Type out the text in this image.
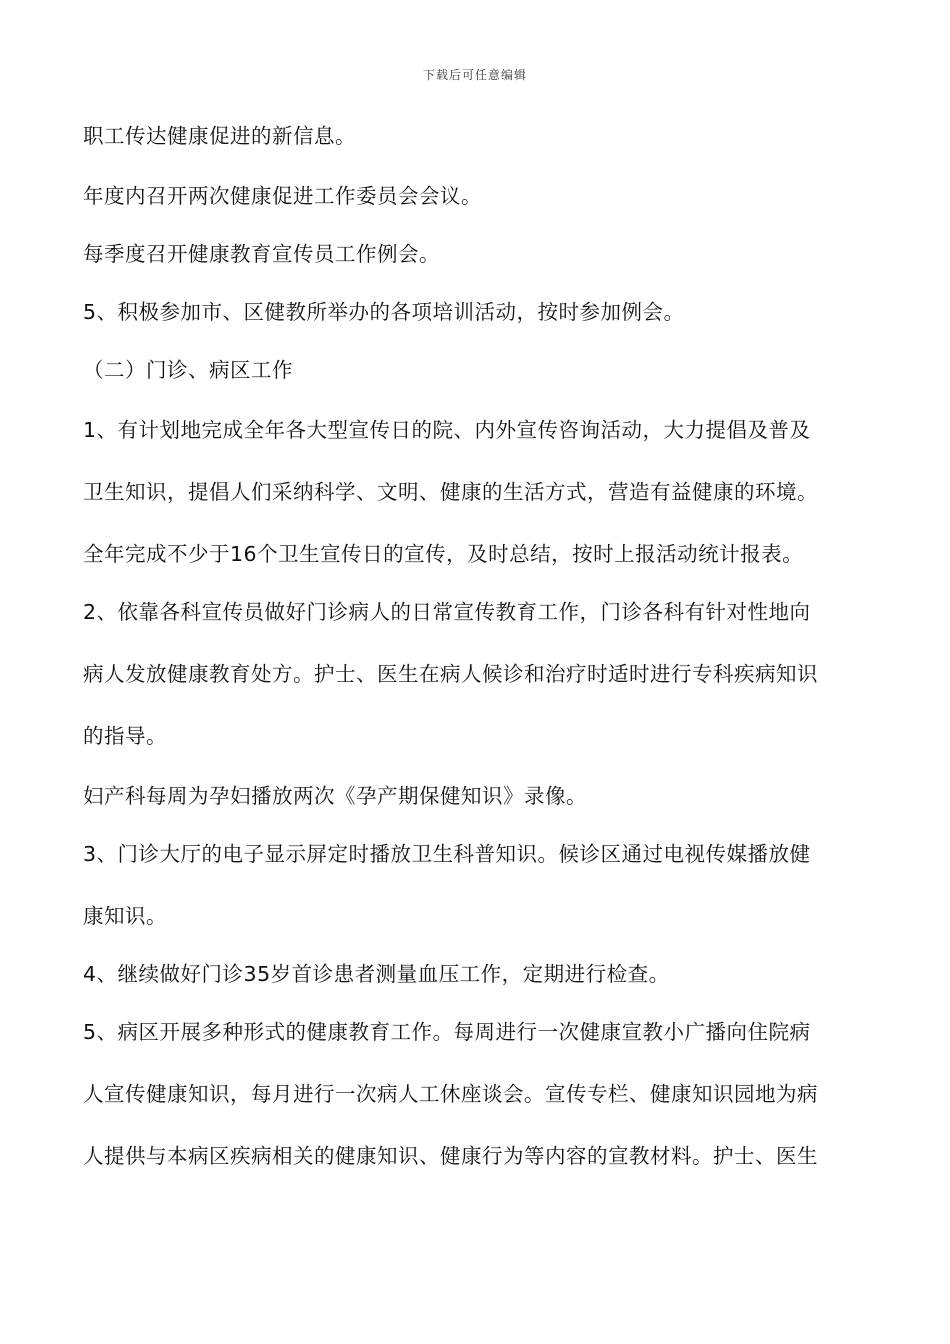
下载后可任意编辑
职工传达健康促进的新信息。
年度内召开两次健康促进工作委员会会议。
每季度召开健康教育宣传员工作例会。
5、积极参加市、区健教所举办的各项培训活动，按时参加例会。
（二）门诊、病区工作
1、有计划地完成全年各大型宣传日的院、内外宣传咨询活动，大力提倡及普及
卫生知识，提倡人们采纳科学、文明、健康的生活方式，营造有益健康的环境。
全年完成不少于16个卫生宣传日的宣传，及时总结，按时上报活动统计报表。
2、依靠各科宣传员做好门诊病人的日常宣传教育工作，门诊各科有针对性地向
病人发放健康教育处方。护士、医生在病人候诊和治疗时适时进行专科疾病知识
的指导。
妇产科每周为孕妇播放两次《孕产期保健知识》录像。
3、门诊大厅的电子显示屏定时播放卫生科普知识。候诊区通过电视传媒播放健
康知识。
4、继续做好门诊35岁首诊患者测量血压工作，定期进行检查。
5、病区开展多种形式的健康教育工作。每周进行一次健康宣教小广播向住院病
人宣传健康知识，每月进行一次病人工休座谈会。宣传专栏、健康知识园地为病
人提供与本病区疾病相关的健康知识、健康行为等内容的宣教材料。护士、医生
